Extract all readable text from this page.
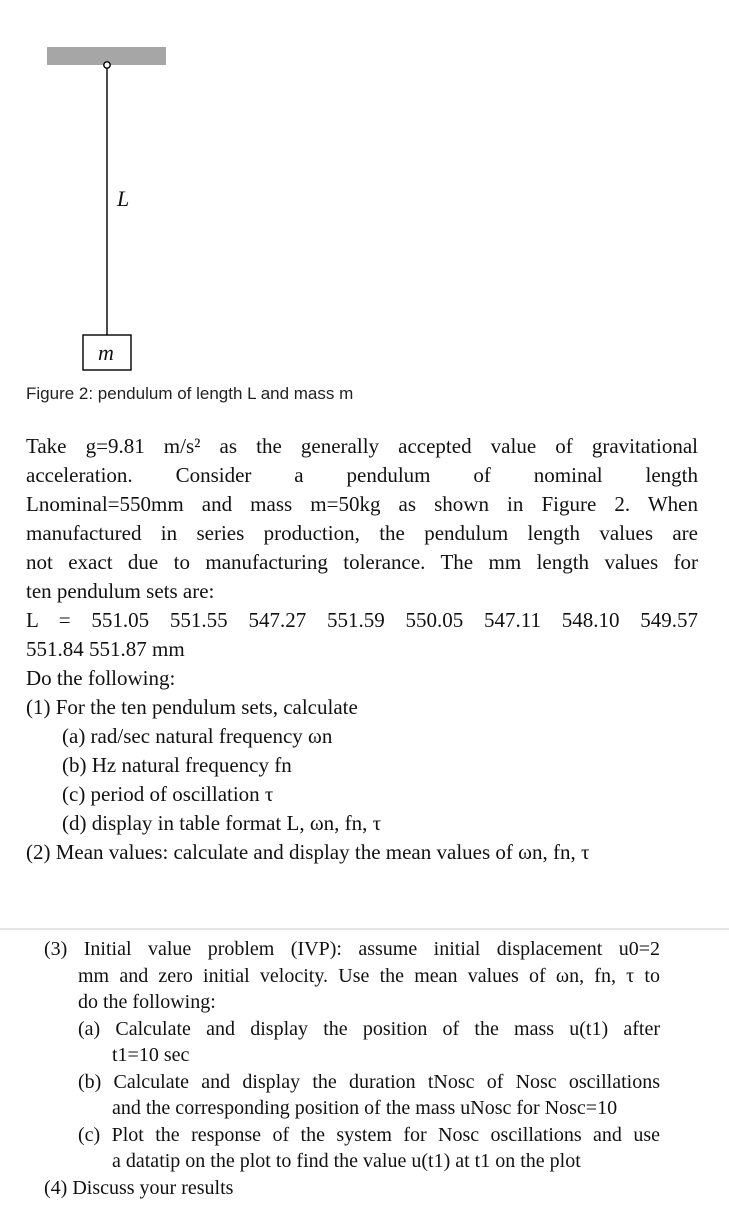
L
m
Figure 2: pendulum of length L and mass m
Take g=9.81 m/s² as the generally accepted value of gravitational
acceleration. Consider a pendulum of nominal length
Lnominal=550mm and mass m=50kg as shown in Figure 2. When
manufactured in series production, the pendulum length values are
not exact due to manufacturing tolerance. The mm length values for
ten pendulum sets are:
L = 551.05 551.55 547.27 551.59 550.05 547.11 548.10 549.57
551.84 551.87 mm
Do the following:
(1) For the ten pendulum sets, calculate
(a) rad/sec natural frequency ωn
(b) Hz natural frequency fn
(c) period of oscillation τ
(d) display in table format L, ωn, fn, τ
(2) Mean values: calculate and display the mean values of ωn, fn, τ
(3) Initial value problem (IVP): assume initial displacement u0=2
mm and zero initial velocity. Use the mean values of ωn, fn, τ to
do the following:
(a) Calculate and display the position of the mass u(t1) after
t1=10 sec
(b) Calculate and display the duration tNosc of Nosc oscillations
and the corresponding position of the mass uNosc for Nosc=10
(c) Plot the response of the system for Nosc oscillations and use
a datatip on the plot to find the value u(t1) at t1 on the plot
(4) Discuss your results
